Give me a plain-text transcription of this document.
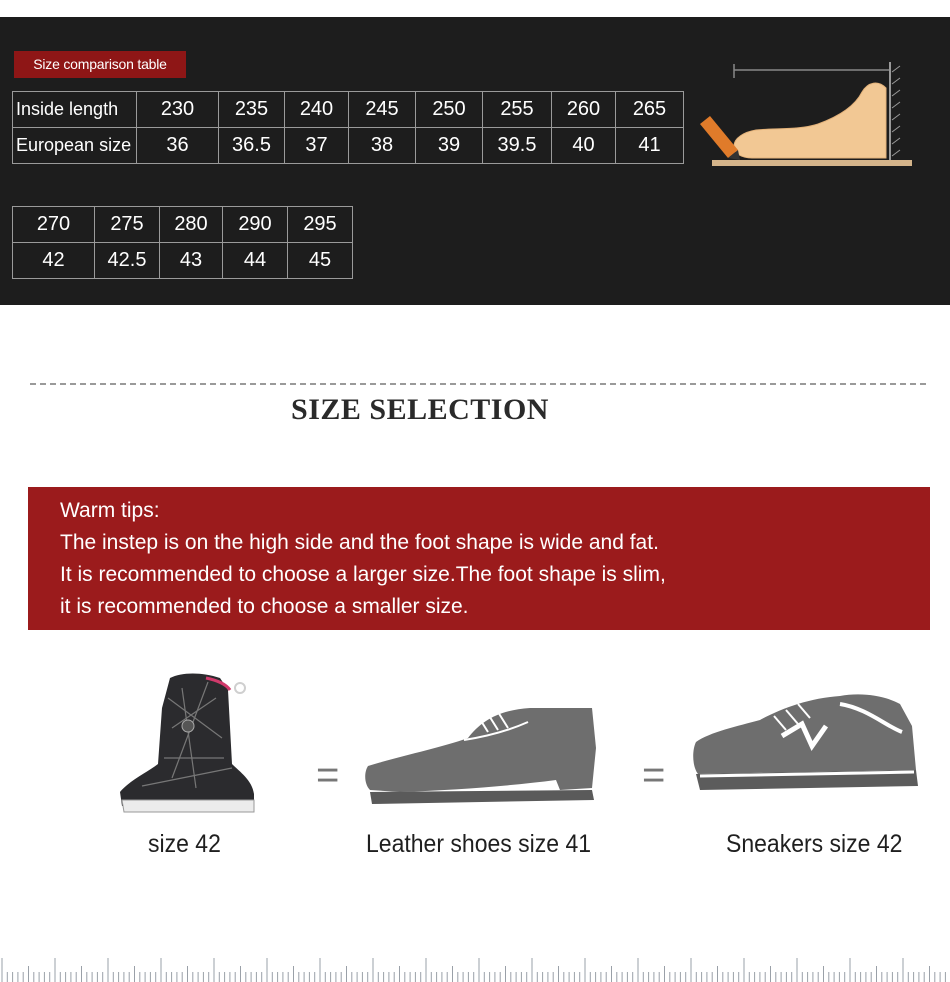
Size comparison table
Inside length	230	235	240	245	250	255	260	265
European size	36	36.5	37	38	39	39.5	40	41
270	275	280	290	295
42	42.5	43	44	45
SIZE SELECTION
Warm tips:
The instep is on the high side and the foot shape is wide and fat.
It is recommended to choose a larger size.The foot shape is slim,
it is recommended to choose a smaller size.
=	=
size 42	Leather shoes size 41	Sneakers size 42
